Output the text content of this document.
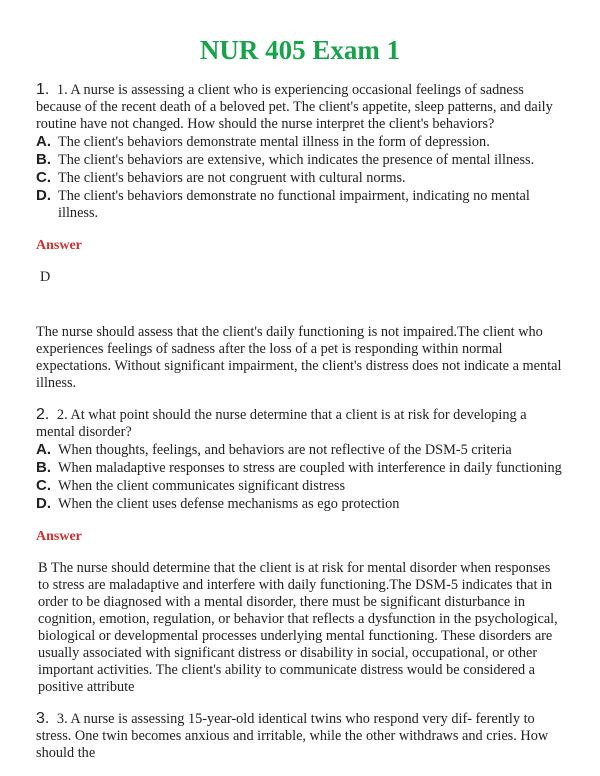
NUR 405 Exam 1

1. 1. A nurse is assessing a client who is experiencing occasional feelings of sadness because of the recent death of a beloved pet. The client's appetite, sleep patterns, and daily routine have not changed. How should the nurse interpret the client's behaviors?

A. The client's behaviors demonstrate mental illness in the form of depression.
B. The client's behaviors are extensive, which indicates the presence of mental illness.
C. The client's behaviors are not congruent with cultural norms.
D. The client's behaviors demonstrate no functional impairment, indicating no mental illness.

Answer

D

The nurse should assess that the client's daily functioning is not impaired.The client who experiences feelings of sadness after the loss of a pet is responding within normal expectations. Without significant impairment, the client's distress does not indicate a mental illness.

2. 2. At what point should the nurse determine that a client is at risk for developing a mental disorder?

A. When thoughts, feelings, and behaviors are not reflective of the DSM-5 criteria
B. When maladaptive responses to stress are coupled with interference in daily functioning
C. When the client communicates significant distress
D. When the client uses defense mechanisms as ego protection

Answer

B The nurse should determine that the client is at risk for mental disorder when responses to stress are maladaptive and interfere with daily functioning.The DSM-5 indicates that in order to be diagnosed with a mental disorder, there must be significant disturbance in cognition, emotion, regulation, or behavior that reflects a dysfunction in the psychological, biological or developmental processes underlying mental functioning. These disorders are usually associated with significant distress or disability in social, occupational, or other important activities. The client's ability to communicate distress would be considered a positive attribute

3. 3. A nurse is assessing 15-year-old identical twins who respond very dif- ferently to stress. One twin becomes anxious and irritable, while the other withdraws and cries. How should the
